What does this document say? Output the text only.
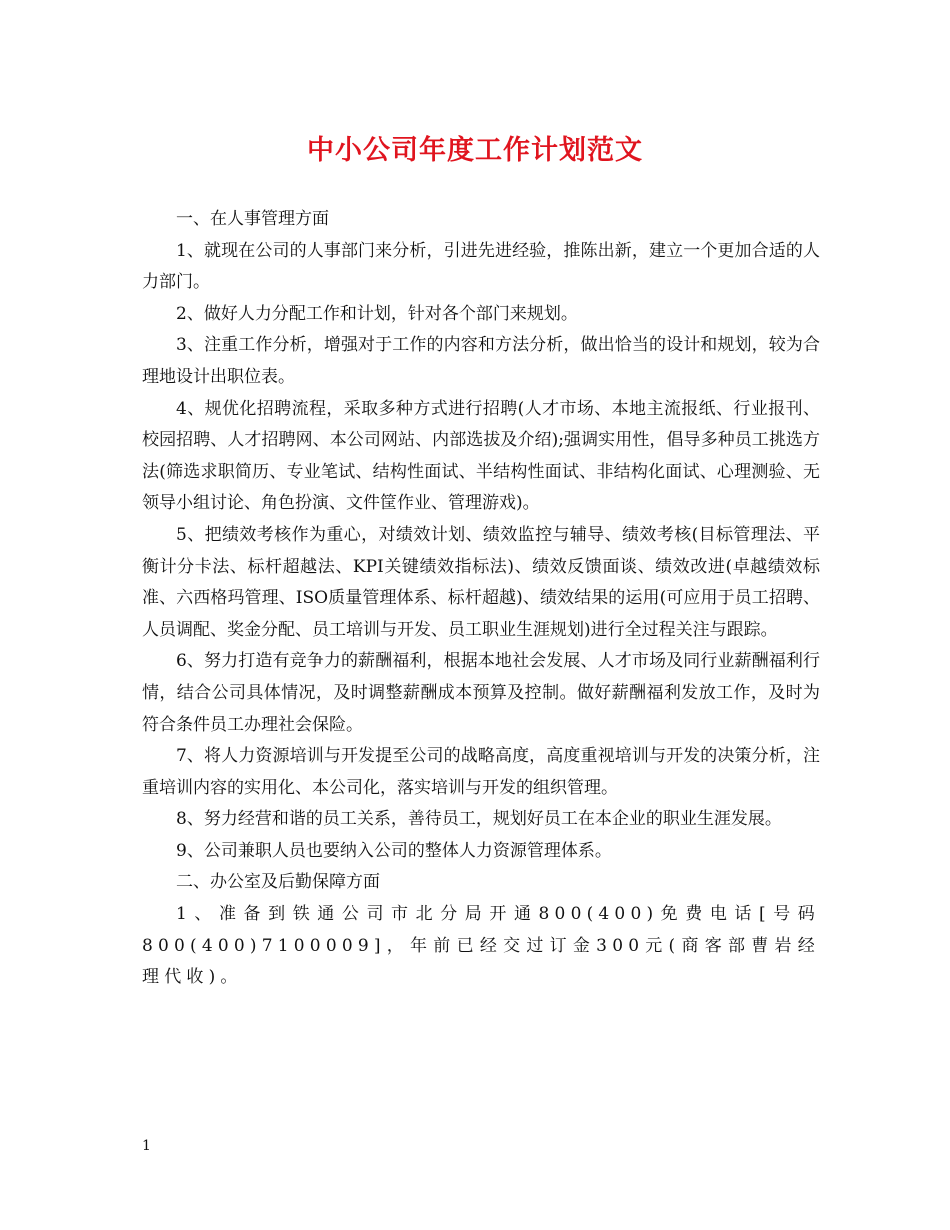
中小公司年度工作计划范文

一、在人事管理方面

1、就现在公司的人事部门来分析，引进先进经验，推陈出新，建立一个更加合适的人力部门。

2、做好人力分配工作和计划，针对各个部门来规划。

3、注重工作分析，增强对于工作的内容和方法分析，做出恰当的设计和规划，较为合理地设计出职位表。

4、规优化招聘流程，采取多种方式进行招聘(人才市场、本地主流报纸、行业报刊、校园招聘、人才招聘网、本公司网站、内部选拔及介绍);强调实用性，倡导多种员工挑选方法(筛选求职简历、专业笔试、结构性面试、半结构性面试、非结构化面试、心理测验、无领导小组讨论、角色扮演、文件筐作业、管理游戏)。

5、把绩效考核作为重心，对绩效计划、绩效监控与辅导、绩效考核(目标管理法、平衡计分卡法、标杆超越法、KPI关键绩效指标法)、绩效反馈面谈、绩效改进(卓越绩效标准、六西格玛管理、ISO质量管理体系、标杆超越)、绩效结果的运用(可应用于员工招聘、人员调配、奖金分配、员工培训与开发、员工职业生涯规划)进行全过程关注与跟踪。

6、努力打造有竞争力的薪酬福利，根据本地社会发展、人才市场及同行业薪酬福利行情，结合公司具体情况，及时调整薪酬成本预算及控制。做好薪酬福利发放工作，及时为符合条件员工办理社会保险。

7、将人力资源培训与开发提至公司的战略高度，高度重视培训与开发的决策分析，注重培训内容的实用化、本公司化，落实培训与开发的组织管理。

8、努力经营和谐的员工关系，善待员工，规划好员工在本企业的职业生涯发展。

9、公司兼职人员也要纳入公司的整体人力资源管理体系。

二、办公室及后勤保障方面

1、准备到铁通公司市北分局开通800(400)免费电话[号码800(400)7100009]，年前已经交过订金300元(商客部曹岩经理代收)。

1
